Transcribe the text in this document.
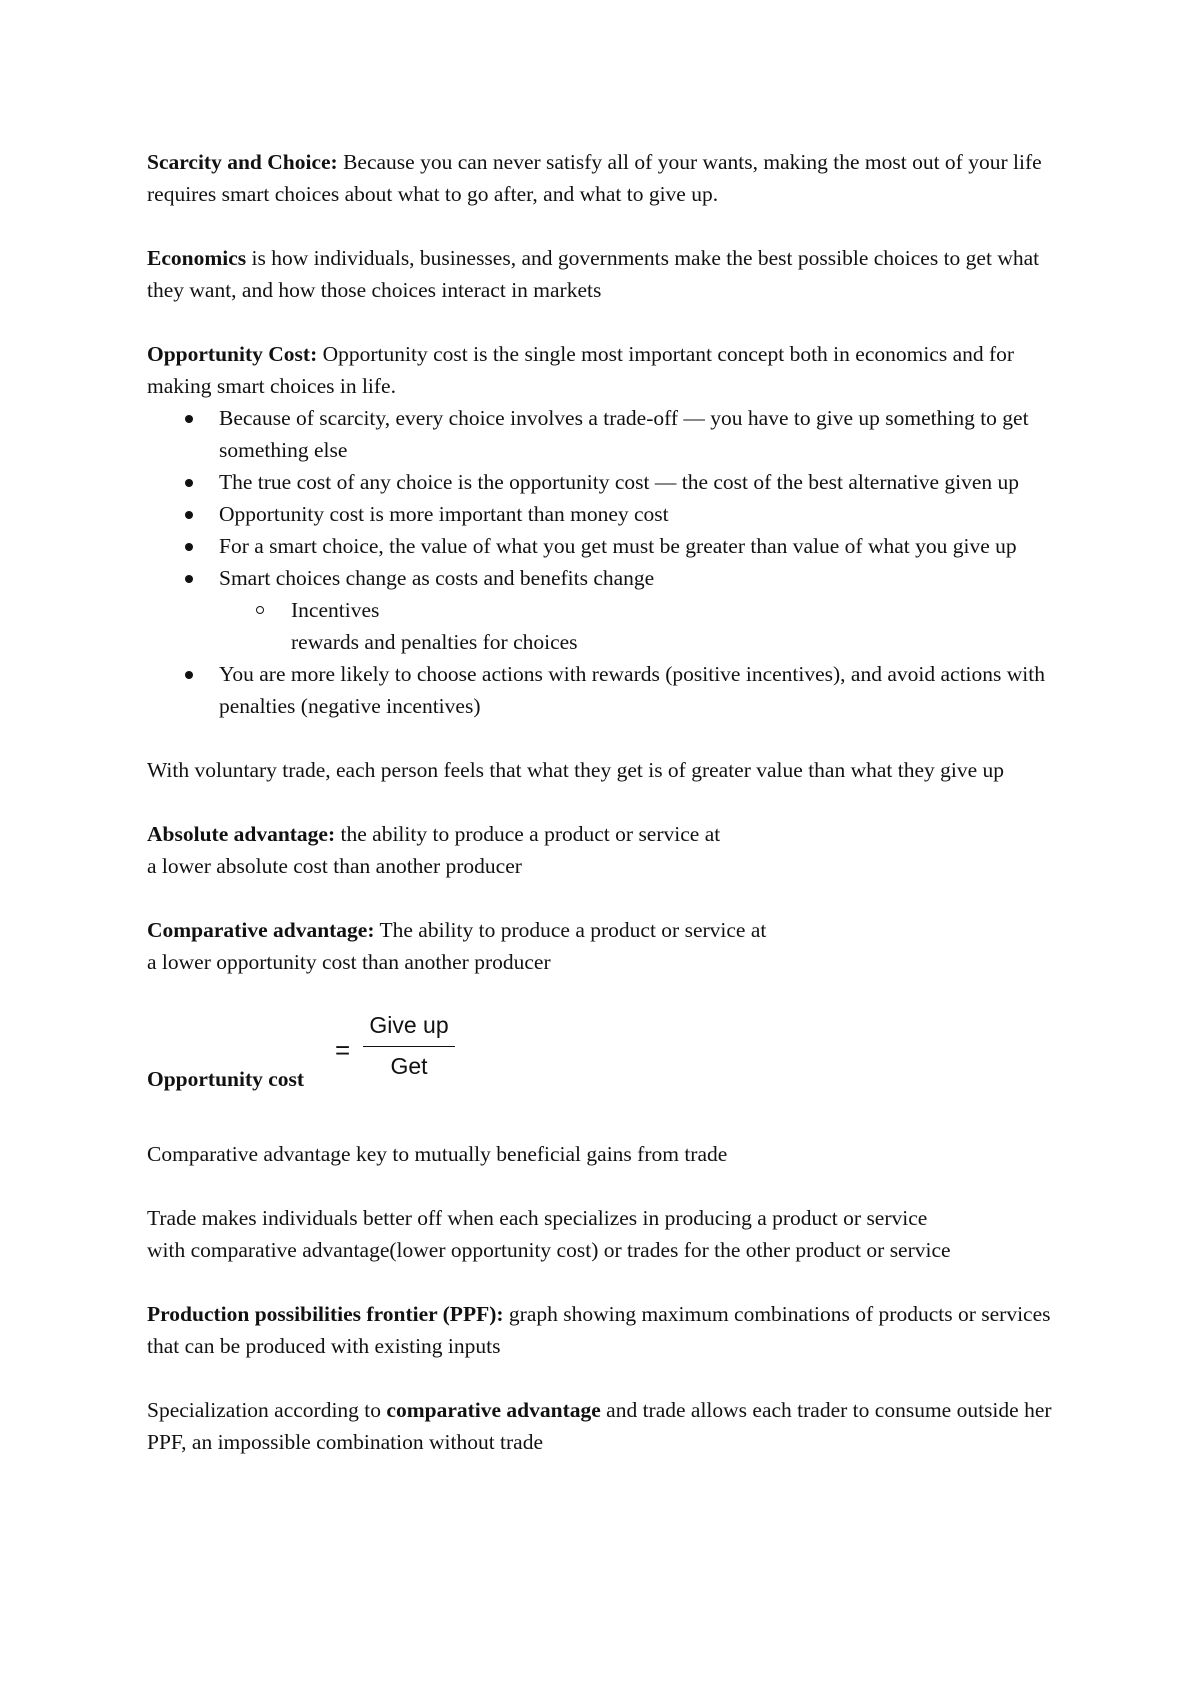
Scarcity and Choice: Because you can never satisfy all of your wants, making the most out of your life requires smart choices about what to go after, and what to give up.

Economics is how individuals, businesses, and governments make the best possible choices to get what they want, and how those choices interact in markets

Opportunity Cost: Opportunity cost is the single most important concept both in economics and for making smart choices in life.

Because of scarcity, every choice involves a trade-off — you have to give up something to get something else
The true cost of any choice is the opportunity cost — the cost of the best alternative given up
Opportunity cost is more important than money cost
For a smart choice, the value of what you get must be greater than value of what you give up
Smart choices change as costs and benefits change
Incentives
rewards and penalties for choices
You are more likely to choose actions with rewards (positive incentives), and avoid actions with penalties (negative incentives)

With voluntary trade, each person feels that what they get is of greater value than what they give up

Absolute advantage: the ability to produce a product or service at
a lower absolute cost than another producer

Comparative advantage: The ability to produce a product or service at
a lower opportunity cost than another producer

Opportunity cost
=
Give up
Get

Comparative advantage key to mutually beneficial gains from trade

Trade makes individuals better off when each specializes in producing a product or service
with comparative advantage(lower opportunity cost) or trades for the other product or service

Production possibilities frontier (PPF): graph showing maximum combinations of products or services that can be produced with existing inputs

Specialization according to comparative advantage and trade allows each trader to consume outside her PPF, an impossible combination without trade
